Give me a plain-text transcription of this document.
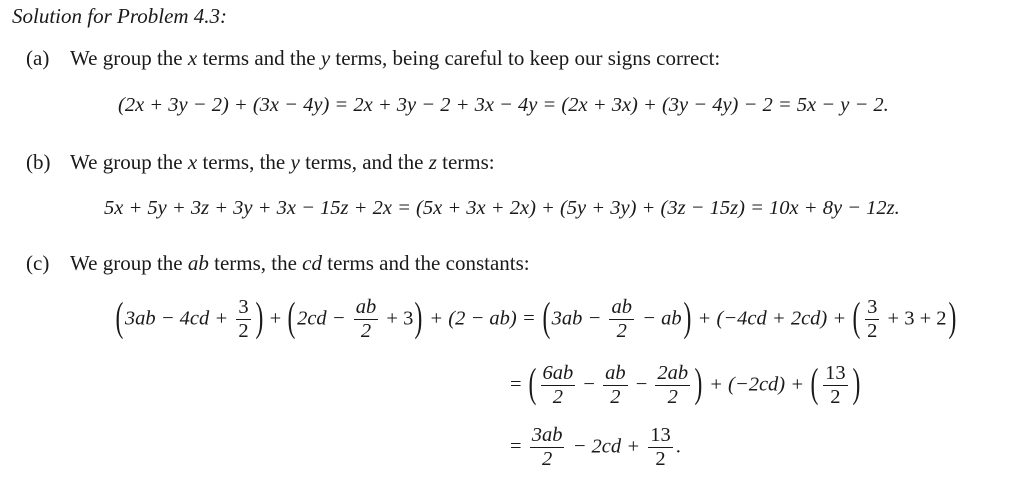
Solution for Problem 4.3:
(a) We group the x terms and the y terms, being careful to keep our signs correct:
(2x + 3y − 2) + (3x − 4y) = 2x + 3y − 2 + 3x − 4y = (2x + 3x) + (3y − 4y) − 2 = 5x − y − 2.
(b) We group the x terms, the y terms, and the z terms:
5x + 5y + 3z + 3y + 3x − 15z + 2x = (5x + 3x + 2x) + (5y + 3y) + (3z − 15z) = 10x + 8y − 12z.
(c) We group the ab terms, the cd terms and the constants:
($3ab - 4cd + \frac{3}{2}$ ) + $(2cd - \frac{ab}{2} + 3) + (2 - ab) = (3ab - \frac{ab}{2} - ab) + (-4cd + 2cd)$ + ( $\frac{3}{2} + 3 + 2$)
= ( $\frac{6ab}{2} - \frac{ab}{2} - \frac{2ab}{2}$ ) + (−2cd) + ( $\frac{13}{2}$ )
= $\frac{3ab}{2} - 2cd + \frac{13}{2}$ .
